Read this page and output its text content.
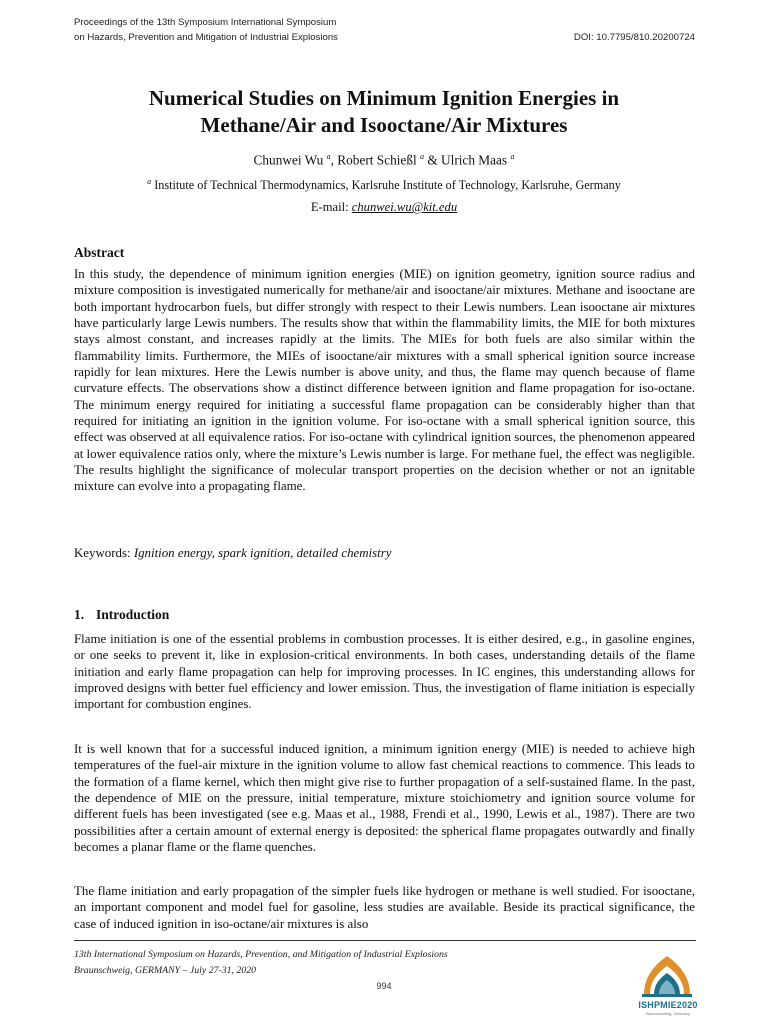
Proceedings of the 13th Symposium International Symposium
on Hazards, Prevention and Mitigation of Industrial Explosions	DOI: 10.7795/810.20200724
Numerical Studies on Minimum Ignition Energies in
Methane/Air and Isooctane/Air Mixtures
Chunwei Wu $^a$, Robert Schießl $^a$ & Ulrich Maas $^a$
$^a$ Institute of Technical Thermodynamics, Karlsruhe Institute of Technology, Karlsruhe, Germany
E-mail: chunwei.wu@kit.edu
Abstract

In this study, the dependence of minimum ignition energies (MIE) on ignition geometry, ignition source radius and mixture composition is investigated numerically for methane/air and isooctane/air mixtures. Methane and isooctane are both important hydrocarbon fuels, but differ strongly with respect to their Lewis numbers. Lean isooctane air mixtures have particularly large Lewis numbers. The results show that within the flammability limits, the MIE for both mixtures stays almost constant, and increases rapidly at the limits. The MIEs for both fuels are also similar within the flammability limits. Furthermore, the MIEs of isooctane/air mixtures with a small spherical ignition source increase rapidly for lean mixtures. Here the Lewis number is above unity, and thus, the flame may quench because of flame curvature effects. The observations show a distinct difference between ignition and flame propagation for iso-octane. The minimum energy required for initiating a successful flame propagation can be considerably higher than that required for initiating an ignition in the ignition volume. For iso-octane with a small spherical ignition source, this effect was observed at all equivalence ratios. For iso-octane with cylindrical ignition sources, the phenomenon appeared at lower equivalence ratios only, where the mixture’s Lewis number is large. For methane fuel, the effect was negligible. The results highlight the significance of molecular transport properties on the decision whether or not an ignitable mixture can evolve into a propagating flame.

Keywords: Ignition energy, spark ignition, detailed chemistry

1. Introduction

Flame initiation is one of the essential problems in combustion processes. It is either desired, e.g., in gasoline engines, or one seeks to prevent it, like in explosion-critical environments. In both cases, understanding details of the flame initiation and early flame propagation can help for improving processes. In IC engines, this understanding allows for improved designs with better fuel efficiency and lower emission. Thus, the investigation of flame initiation is especially important for combustion engines.

It is well known that for a successful induced ignition, a minimum ignition energy (MIE) is needed to achieve high temperatures of the fuel-air mixture in the ignition volume to allow fast chemical reactions to commence. This leads to the formation of a flame kernel, which then might give rise to further propagation of a self-sustained flame. In the past, the dependence of MIE on the pressure, initial temperature, mixture stoichiometry and ignition source volume for different fuels has been investigated (see e.g. Maas et al., 1988, Frendi et al., 1990, Lewis et al., 1987). There are two possibilities after a certain amount of external energy is deposited: the spherical flame propagates outwardly and finally becomes a planar flame or the flame quenches.

The flame initiation and early propagation of the simpler fuels like hydrogen or methane is well studied. For isooctane, an important component and model fuel for gasoline, less studies are available. Beside its practical significance, the case of induced ignition in iso-octane/air mixtures is also

13th International Symposium on Hazards, Prevention, and Mitigation of Industrial Explosions
Braunschweig, GERMANY – July 27-31, 2020
994
ISHPMIE2020
Braunschweig, Germany
